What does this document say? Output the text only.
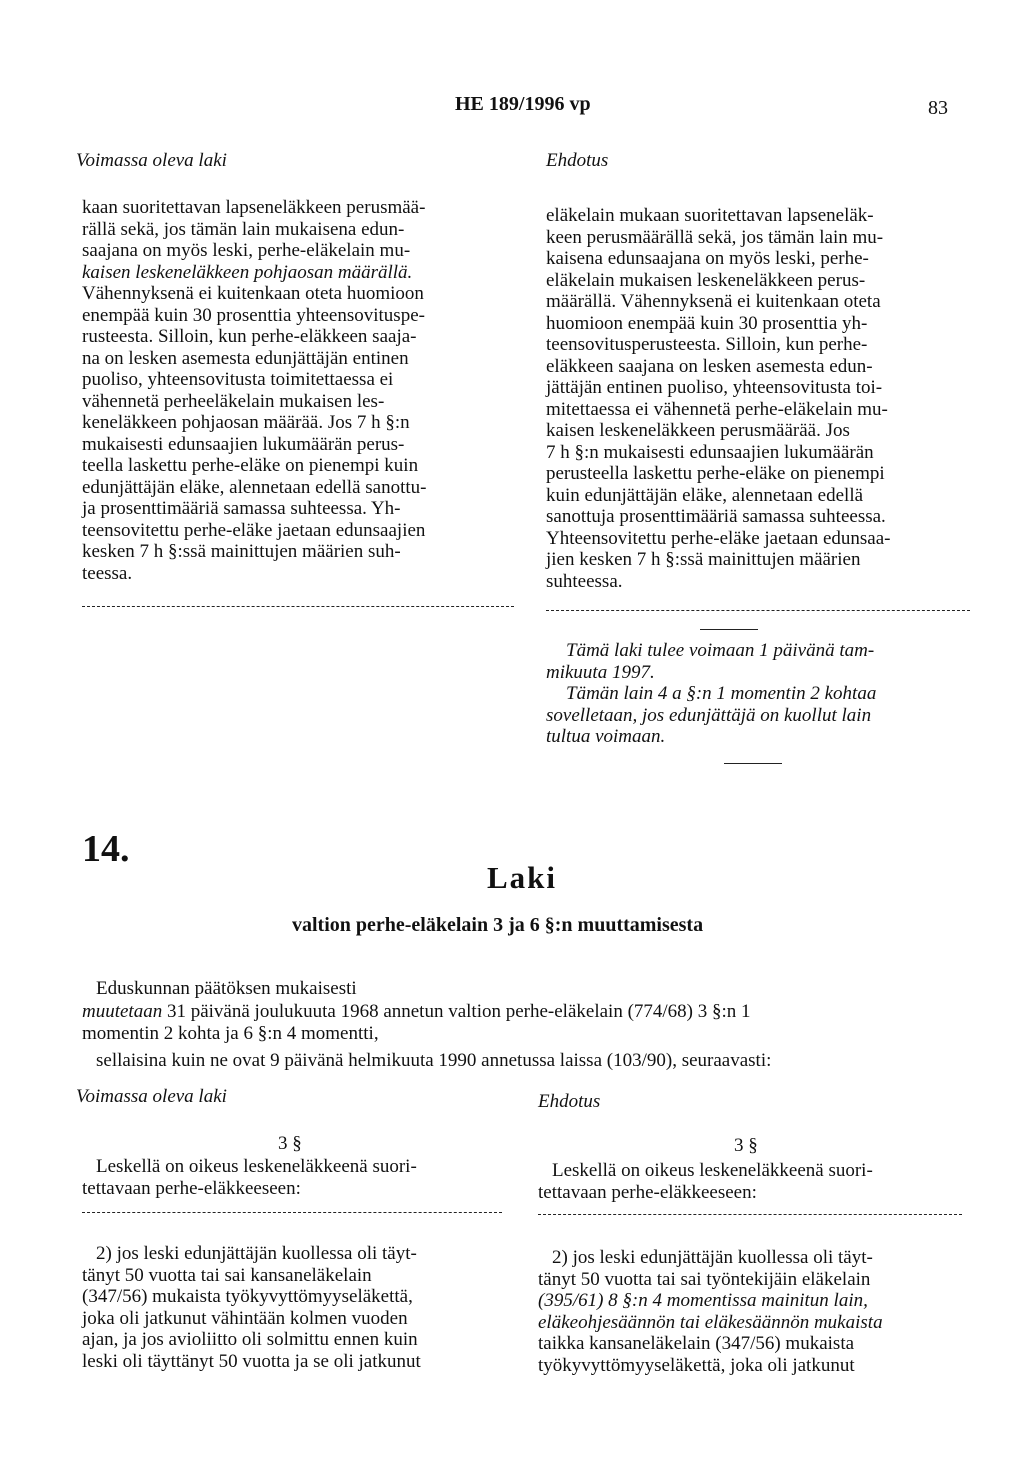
HE 189/1996 vp	83
Voimassa oleva laki	Ehdotus
kaan suoritettavan lapseneläkkeen perusmää-
rällä sekä, jos tämän lain mukaisena edun-
saajana on myös leski, perhe-eläkelain mu-
kaisen leskeneläkkeen pohjaosan määrällä.
Vähennyksenä ei kuitenkaan oteta huomioon
enempää kuin 30 prosenttia yhteensovituspe-
rusteesta. Silloin, kun perhe-eläkkeen saaja-
na on lesken asemesta edunjättäjän entinen
puoliso, yhteensovitusta toimitettaessa ei
vähennetä perheeläkelain mukaisen les-
keneläkkeen pohjaosan määrää. Jos 7 h §:n
mukaisesti edunsaajien lukumäärän perus-
teella laskettu perhe-eläke on pienempi kuin
edunjättäjän eläke, alennetaan edellä sanottu-
ja prosenttimääriä samassa suhteessa. Yh-
teensovitettu perhe-eläke jaetaan edunsaajien
kesken 7 h §:ssä mainittujen määrien suh-
teessa.
eläkelain mukaan suoritettavan lapseneläk-
keen perusmäärällä sekä, jos tämän lain mu-
kaisena edunsaajana on myös leski, perhe-
eläkelain mukaisen leskeneläkkeen perus-
määrällä. Vähennyksenä ei kuitenkaan oteta
huomioon enempää kuin 30 prosenttia yh-
teensovitusperusteesta. Silloin, kun perhe-
eläkkeen saajana on lesken asemesta edun-
jättäjän entinen puoliso, yhteensovitusta toi-
mitettaessa ei vähennetä perhe-eläkelain mu-
kaisen leskeneläkkeen perusmäärää. Jos
7 h §:n mukaisesti edunsaajien lukumäärän
perusteella laskettu perhe-eläke on pienempi
kuin edunjättäjän eläke, alennetaan edellä
sanottuja prosenttimääriä samassa suhteessa.
Yhteensovitettu perhe-eläke jaetaan edunsaa-
jien kesken 7 h §:ssä mainittujen määrien
suhteessa.
Tämä laki tulee voimaan 1 päivänä tam-
mikuuta 1997.
Tämän lain 4 a §:n 1 momentin 2 kohtaa
sovelletaan, jos edunjättäjä on kuollut lain
tultua voimaan.
14.
Laki
valtion perhe-eläkelain 3 ja 6 §:n muuttamisesta
Eduskunnan päätöksen mukaisesti
muutetaan 31 päivänä joulukuuta 1968 annetun valtion perhe-eläkelain (774/68) 3 §:n 1
momentin 2 kohta ja 6 §:n 4 momentti,
sellaisina kuin ne ovat 9 päivänä helmikuuta 1990 annetussa laissa (103/90), seuraavasti:
Voimassa oleva laki	Ehdotus
3 §	3 §
Leskellä on oikeus leskeneläkkeenä suori-
tettavaan perhe-eläkkeeseen:
Leskellä on oikeus leskeneläkkeenä suori-
tettavaan perhe-eläkkeeseen:
2) jos leski edunjättäjän kuollessa oli täyt-
tänyt 50 vuotta tai sai kansaneläkelain
(347/56) mukaista työkyvyttömyyseläkettä,
joka oli jatkunut vähintään kolmen vuoden
ajan, ja jos avioliitto oli solmittu ennen kuin
leski oli täyttänyt 50 vuotta ja se oli jatkunut
2) jos leski edunjättäjän kuollessa oli täyt-
tänyt 50 vuotta tai sai työntekijäin eläkelain
(395/61) 8 §:n 4 momentissa mainitun lain,
eläkeohjesäännön tai eläkesäännön mukaista
taikka kansaneläkelain (347/56) mukaista
työkyvyttömyyseläkettä, joka oli jatkunut
